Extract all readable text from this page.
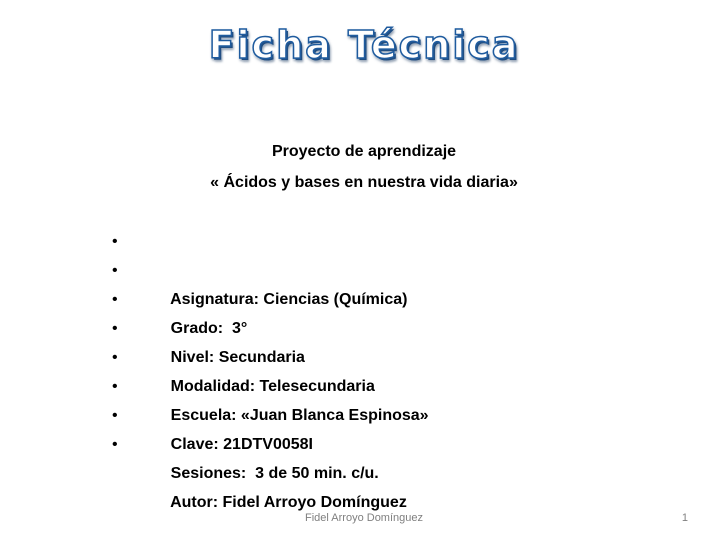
Ficha Técnica
Proyecto de aprendizaje
« Ácidos y bases en nuestra vida diaria»

•

Asignatura: Ciencias (Química)

•

Grado:  3°

•

Nivel: Secundaria

•

Modalidad: Telesecundaria

•

Escuela: «Juan Blanca Espinosa»

•

Clave: 21DTV0058I

•

Sesiones:  3 de 50 min. c/u.

•

Autor: Fidel Arroyo Domínguez

Fidel Arroyo Domínguez	1
